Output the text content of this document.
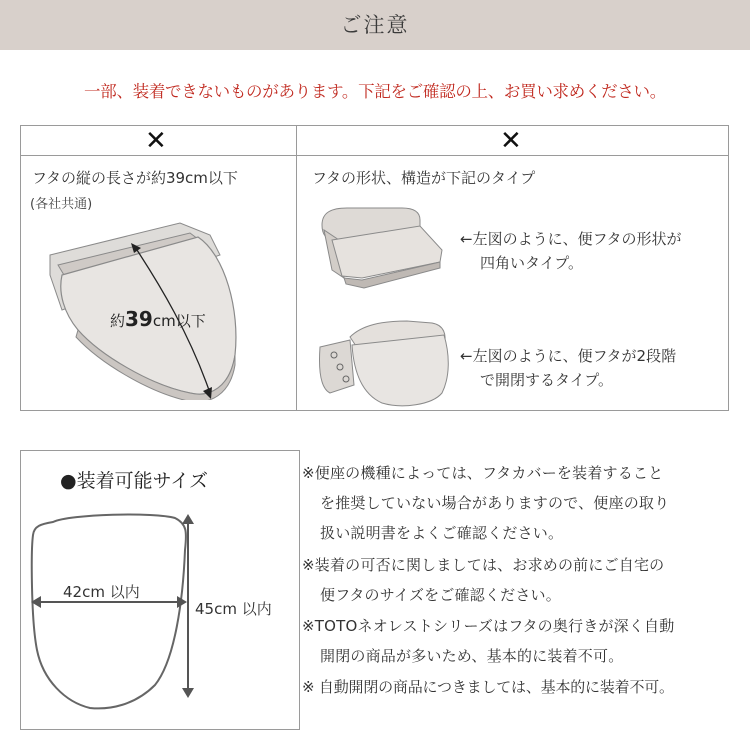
ご注意
一部、装着できないものがあります。下記をご確認の上、お買い求めください。
✕	✕
フタの縦の長さが約39cm以下
(各社共通)
約39cm以下
フタの形状、構造が下記のタイプ
←左図のように、便フタの形状が
四角いタイプ。
←左図のように、便フタが2段階
で開閉するタイプ。
●装着可能サイズ
42cm 以内
45cm 以内
※便座の機種によっては、フタカバーを装着すること
を推奨していない場合がありますので、便座の取り
扱い説明書をよくご確認ください。
※装着の可否に関しましては、お求めの前にご自宅の
便フタのサイズをご確認ください。
※TOTOネオレストシリーズはフタの奥行きが深く自動
開閉の商品が多いため、基本的に装着不可。
※ 自動開閉の商品につきましては、基本的に装着不可。
